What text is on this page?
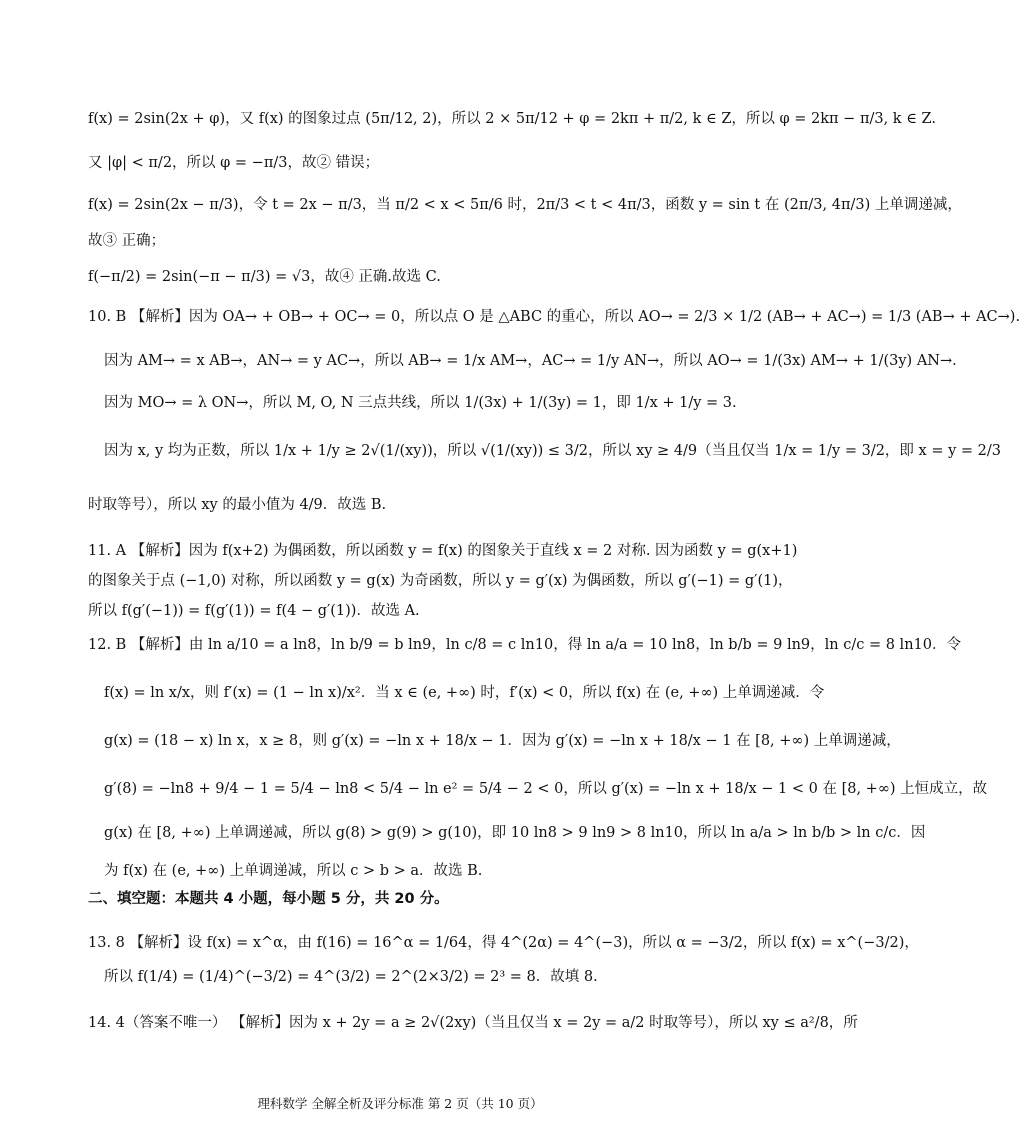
f(x) = 2sin(2x + φ)，又 f(x) 的图象过点 (5π/12, 2)，所以 2 × 5π/12 + φ = 2kπ + π/2, k ∈ Z，所以 φ = 2kπ − π/3, k ∈ Z.
又 |φ| < π/2，所以 φ = −π/3，故② 错误；
f(x) = 2sin(2x − π/3)，令 t = 2x − π/3，当 π/2 < x < 5π/6 时，2π/3 < t < 4π/3，函数 y = sin t 在 (2π/3, 4π/3) 上单调递减，
故③ 正确；
f(−π/2) = 2sin(−π − π/3) = √3，故④ 正确.故选 C.
10. B 【解析】因为 OA→ + OB→ + OC→ = 0，所以点 O 是 △ABC 的重心，所以 AO→ = 2/3 × 1/2 (AB→ + AC→) = 1/3 (AB→ + AC→).
因为 AM→ = x AB→，AN→ = y AC→，所以 AB→ = 1/x AM→，AC→ = 1/y AN→，所以 AO→ = 1/(3x) AM→ + 1/(3y) AN→.
因为 MO→ = λ ON→，所以 M, O, N 三点共线，所以 1/(3x) + 1/(3y) = 1，即 1/x + 1/y = 3.
因为 x, y 均为正数，所以 1/x + 1/y ≥ 2√(1/(xy))，所以 √(1/(xy)) ≤ 3/2，所以 xy ≥ 4/9（当且仅当 1/x = 1/y = 3/2，即 x = y = 2/3
时取等号），所以 xy 的最小值为 4/9．故选 B.
11. A 【解析】因为 f(x+2) 为偶函数，所以函数 y = f(x) 的图象关于直线 x = 2 对称. 因为函数 y = g(x+1)
的图象关于点 (−1,0) 对称，所以函数 y = g(x) 为奇函数，所以 y = g′(x) 为偶函数，所以 g′(−1) = g′(1)，
所以 f(g′(−1)) = f(g′(1)) = f(4 − g′(1))．故选 A.
12. B 【解析】由 ln a/10 = a ln8，ln b/9 = b ln9，ln c/8 = c ln10，得 ln a/a = 10 ln8，ln b/b = 9 ln9，ln c/c = 8 ln10．令
f(x) = ln x/x，则 f′(x) = (1 − ln x)/x²．当 x ∈ (e, +∞) 时，f′(x) < 0，所以 f(x) 在 (e, +∞) 上单调递减．令
g(x) = (18 − x) ln x，x ≥ 8，则 g′(x) = −ln x + 18/x − 1．因为 g′(x) = −ln x + 18/x − 1 在 [8, +∞) 上单调递减，
g′(8) = −ln8 + 9/4 − 1 = 5/4 − ln8 < 5/4 − ln e² = 5/4 − 2 < 0，所以 g′(x) = −ln x + 18/x − 1 < 0 在 [8, +∞) 上恒成立，故
g(x) 在 [8, +∞) 上单调递减，所以 g(8) > g(9) > g(10)，即 10 ln8 > 9 ln9 > 8 ln10，所以 ln a/a > ln b/b > ln c/c．因
为 f(x) 在 (e, +∞) 上单调递减，所以 c > b > a．故选 B.
二、填空题：本题共 4 小题，每小题 5 分，共 20 分。
13. 8 【解析】设 f(x) = x^α，由 f(16) = 16^α = 1/64，得 4^(2α) = 4^(−3)，所以 α = −3/2，所以 f(x) = x^(−3/2)，
所以 f(1/4) = (1/4)^(−3/2) = 4^(3/2) = 2^(2×3/2) = 2³ = 8．故填 8.
14. 4（答案不唯一） 【解析】因为 x + 2y = a ≥ 2√(2xy)（当且仅当 x = 2y = a/2 时取等号），所以 xy ≤ a²/8，所
理科数学 全解全析及评分标准 第 2 页（共 10 页）
